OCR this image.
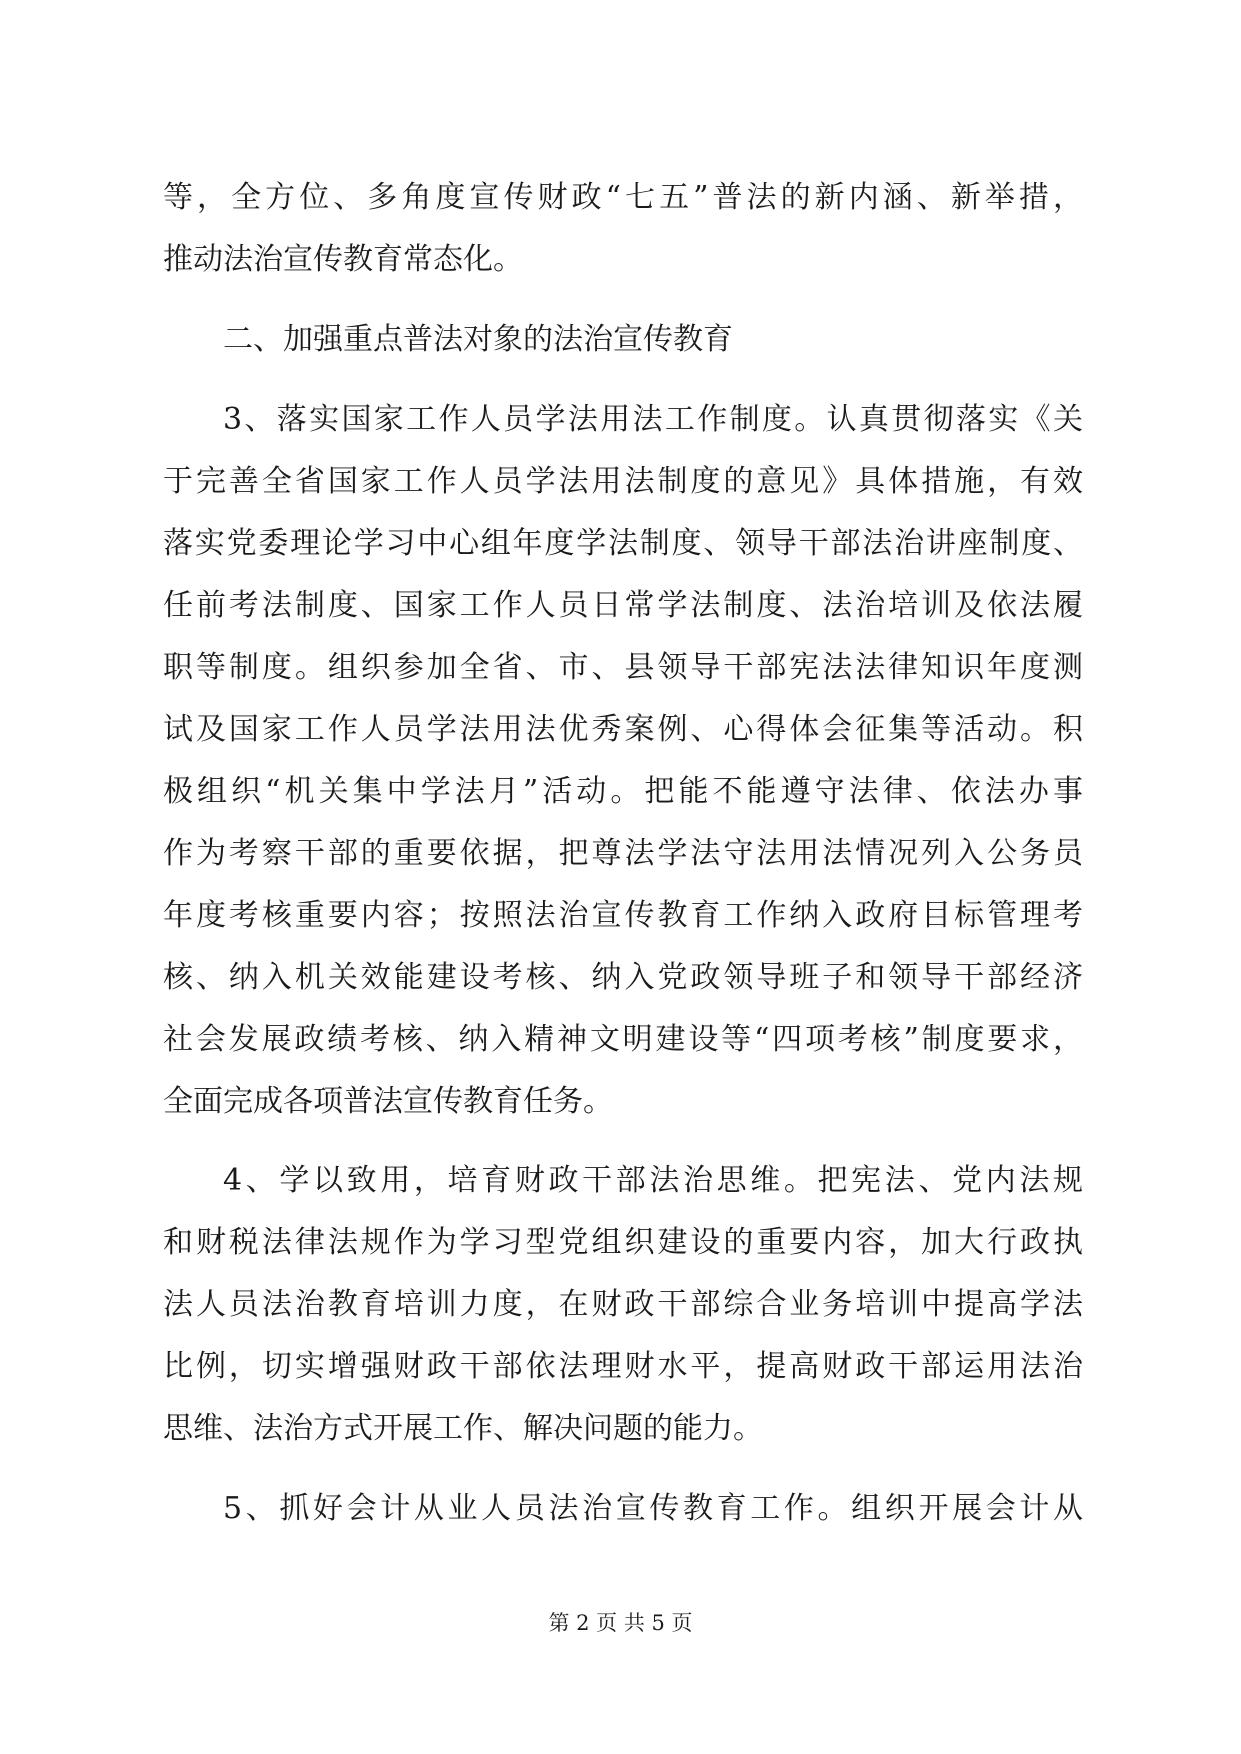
等，全方位、多角度宣传财政“七五”普法的新内涵、新举措，
推动法治宣传教育常态化。
二、加强重点普法对象的法治宣传教育
3、落实国家工作人员学法用法工作制度。认真贯彻落实《关
于完善全省国家工作人员学法用法制度的意见》具体措施，有效
落实党委理论学习中心组年度学法制度、领导干部法治讲座制度、
任前考法制度、国家工作人员日常学法制度、法治培训及依法履
职等制度。组织参加全省、市、县领导干部宪法法律知识年度测
试及国家工作人员学法用法优秀案例、心得体会征集等活动。积
极组织“机关集中学法月”活动。把能不能遵守法律、依法办事
作为考察干部的重要依据，把尊法学法守法用法情况列入公务员
年度考核重要内容；按照法治宣传教育工作纳入政府目标管理考
核、纳入机关效能建设考核、纳入党政领导班子和领导干部经济
社会发展政绩考核、纳入精神文明建设等“四项考核”制度要求，
全面完成各项普法宣传教育任务。
4、学以致用，培育财政干部法治思维。把宪法、党内法规
和财税法律法规作为学习型党组织建设的重要内容，加大行政执
法人员法治教育培训力度，在财政干部综合业务培训中提高学法
比例，切实增强财政干部依法理财水平，提高财政干部运用法治
思维、法治方式开展工作、解决问题的能力。
5、抓好会计从业人员法治宣传教育工作。组织开展会计从
第 2 页 共 5 页
